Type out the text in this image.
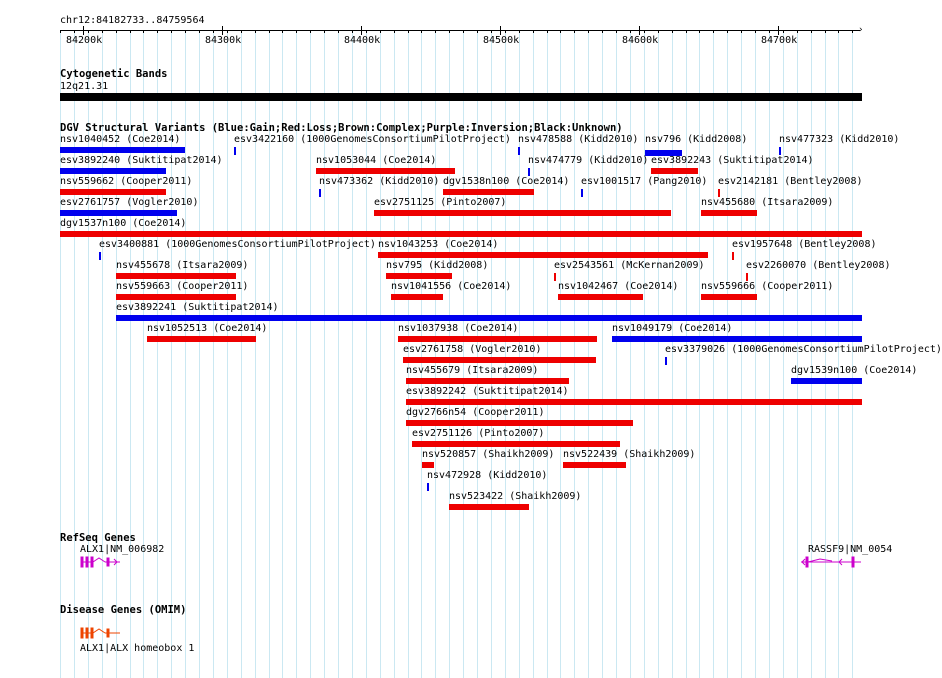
chr12:84182733..84759564
›
84200k	84300k	84400k	84500k	84600k	84700k
Cytogenetic Bands
12q21.31
DGV Structural Variants (Blue:Gain;Red:Loss;Brown:Complex;Purple:Inversion;Black:Unknown)
nsv1040452 (Coe2014)	esv3422160 (1000GenomesConsortiumPilotProject) nsv478588 (Kidd2010) nsv796 (Kidd2008)	nsv477323 (Kidd2010)
esv3892240 (Suktitipat2014)	nsv1053044 (Coe2014)	nsv474779 (Kidd2010) esv3892243 (Suktitipat2014)
nsv559662 (Cooper2011)	nsv473362 (Kidd2010) dgv1538n100 (Coe2014) esv1001517 (Pang2010) esv2142181 (Bentley2008)
esv2761757 (Vogler2010)	esv2751125 (Pinto2007)	nsv455680 (Itsara2009)
dgv1537n100 (Coe2014)
esv3400881 (1000GenomesConsortiumPilotProject) nsv1043253 (Coe2014)	esv1957648 (Bentley2008)
nsv455678 (Itsara2009)	nsv795 (Kidd2008)	esv2543561 (McKernan2009)	esv2260070 (Bentley2008)
nsv559663 (Cooper2011)	nsv1041556 (Coe2014)	nsv1042467 (Coe2014) nsv559666 (Cooper2011)
esv3892241 (Suktitipat2014)
nsv1052513 (Coe2014)	nsv1037938 (Coe2014)	nsv1049179 (Coe2014)
esv2761758 (Vogler2010)	esv3379026 (1000GenomesConsortiumPilotProject)
nsv455679 (Itsara2009)	dgv1539n100 (Coe2014)
esv3892242 (Suktitipat2014)
dgv2766n54 (Cooper2011)
esv2751126 (Pinto2007)
nsv520857 (Shaikh2009) nsv522439 (Shaikh2009)
nsv472928 (Kidd2010)
nsv523422 (Shaikh2009)
RefSeq Genes
ALX1|NM_006982	RASSF9|NM_0054
Disease Genes (OMIM)
ALX1|ALX homeobox 1
